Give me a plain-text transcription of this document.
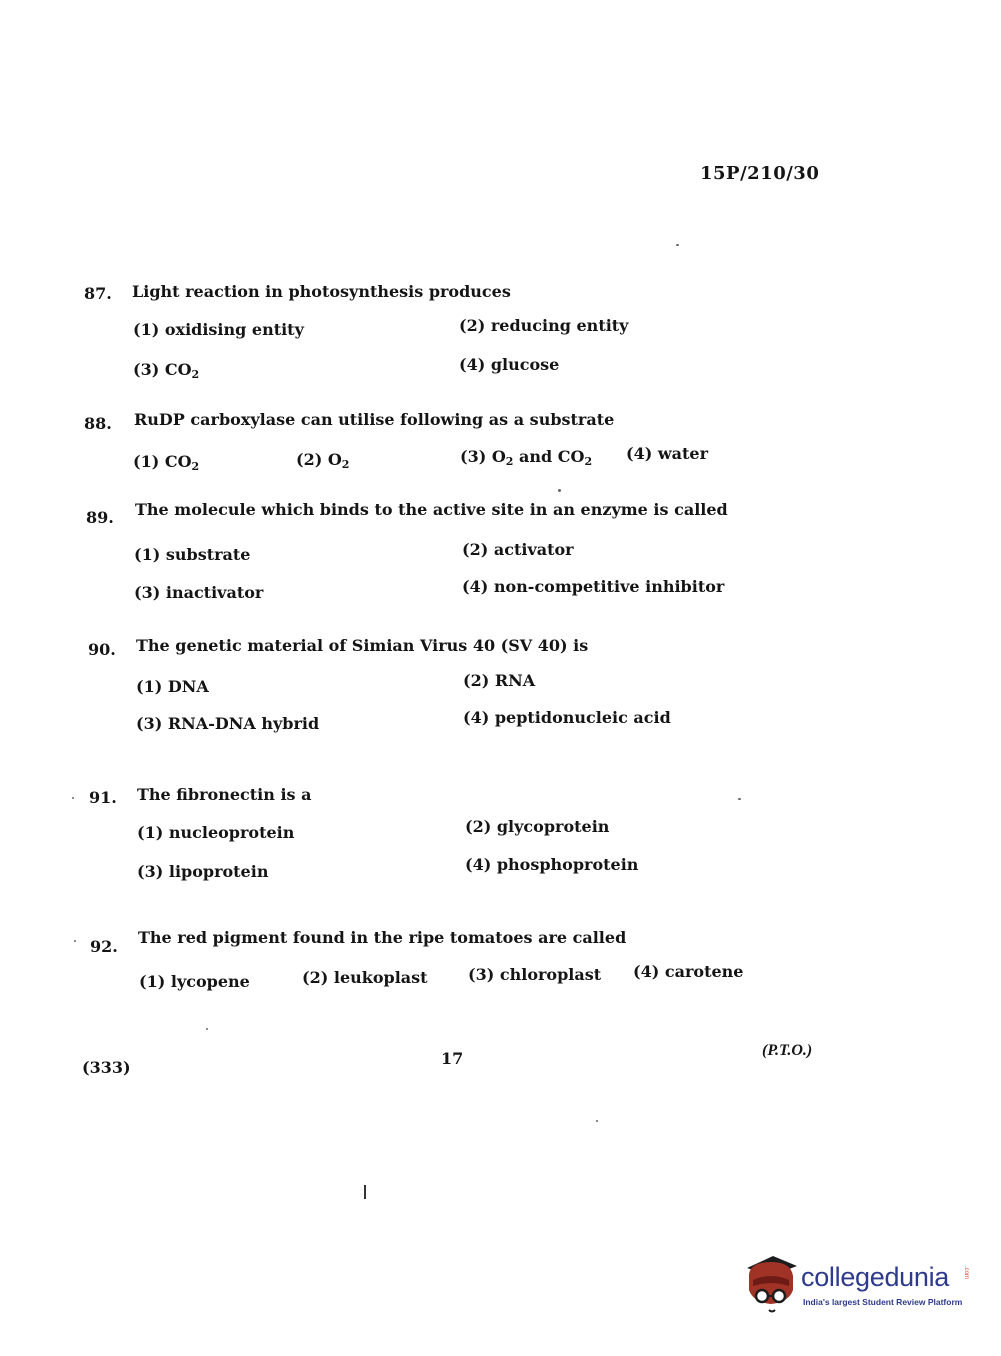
15P/210/30
87. Light reaction in photosynthesis produces
(1) oxidising entity	(2) reducing entity
(3) $CO_2$
(4) glucose
88. RuDP carboxylase can utilise following as a substrate
(1) $CO_2$	(2) $O_2$	(3) $O_2$ and $CO_2$ (4) water
89. The molecule which binds to the active site in an enzyme is called
(1) substrate	(2) activator
(3) inactivator	(4) non-competitive inhibitor
90. The genetic material of Simian Virus 40 (SV 40) is
(1) DNA	(2) RNA
(3) RNA-DNA hybrid	(4) peptidonucleic acid
91. The fibronectin is a
(1) nucleoprotein	(2) glycoprotein
(3) lipoprotein	(4) phosphoprotein
92. The red pigment found in the ripe tomatoes are called
(1) lycopene	(2) leukoplast	(3) chloroplast (4) carotene
(333)	17	(P.T.O.)
collegedunia .com
India's largest Student Review Platform
